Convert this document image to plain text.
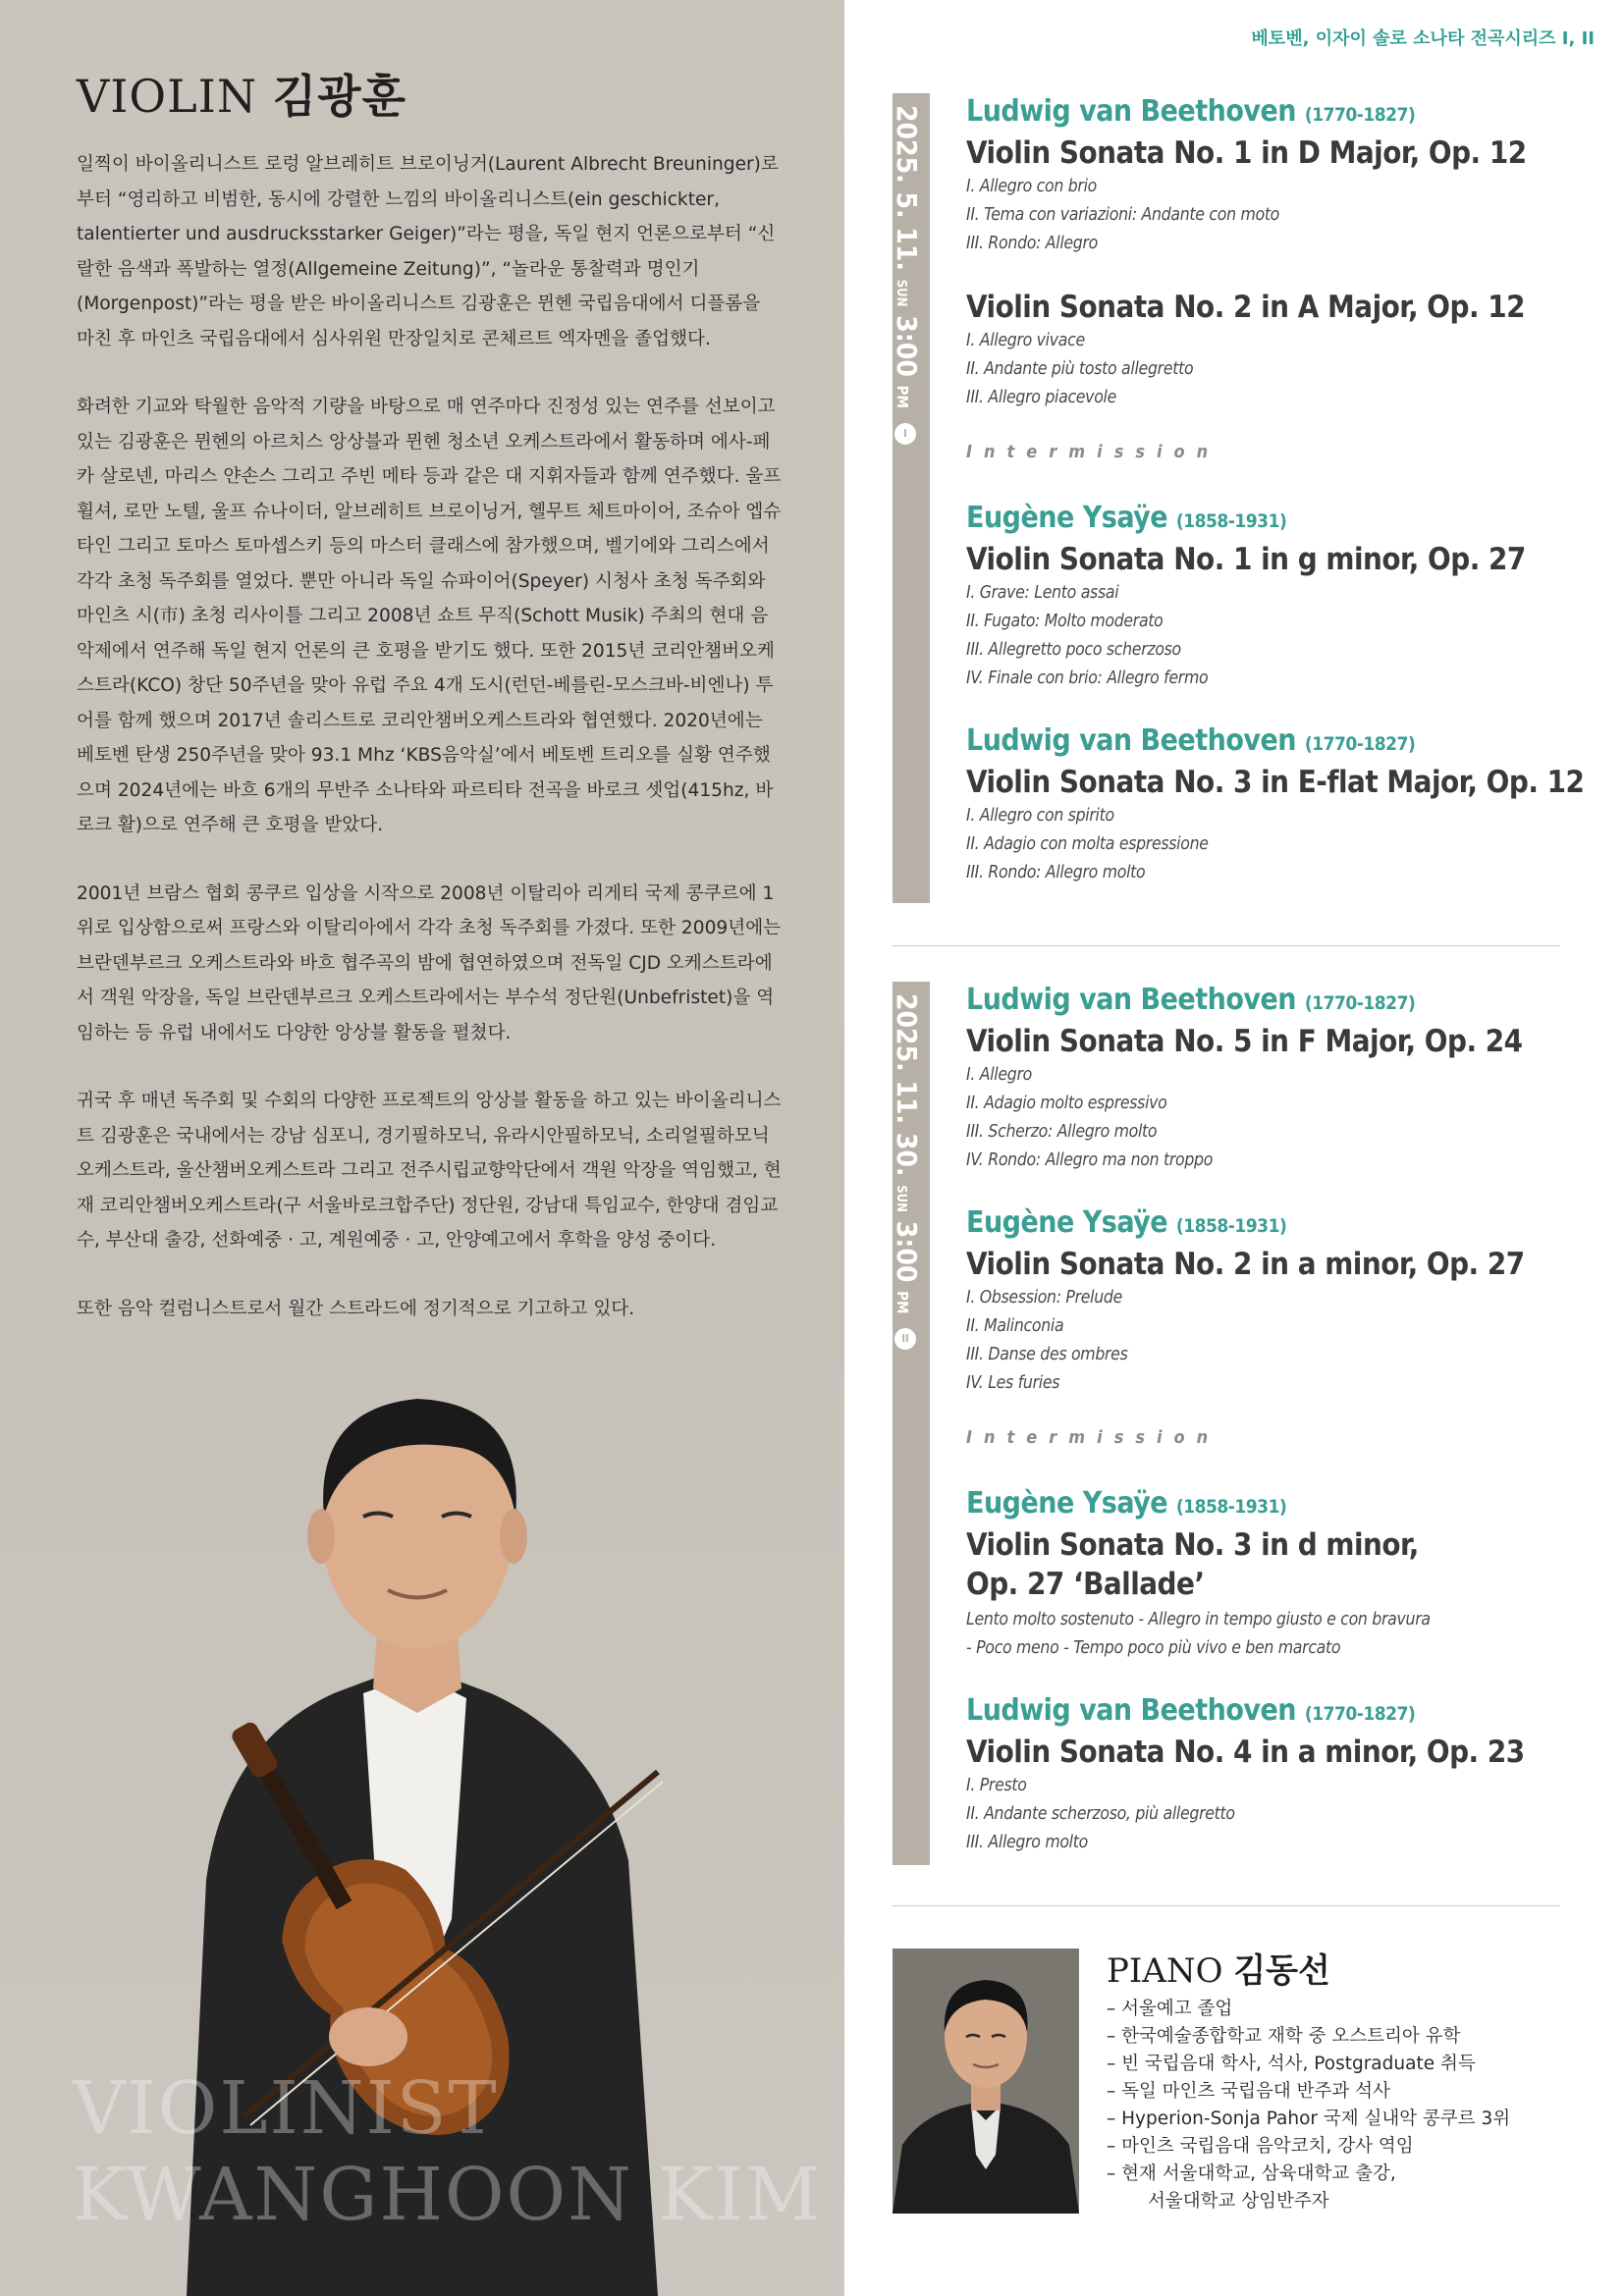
VIOLIN 김광훈

일찍이 바이올리니스트 로렁 알브레히트 브로이닝거(Laurent Albrecht Breuninger)로부터 “영리하고 비범한, 동시에 강렬한 느낌의 바이올리니스트(ein geschickter, talentierter und ausdrucksstarker Geiger)”라는 평을, 독일 현지 언론으로부터 “신랄한 음색과 폭발하는 열정(Allgemeine Zeitung)”, “놀라운 통찰력과 명인기(Morgenpost)”라는 평을 받은 바이올리니스트 김광훈은 뮌헨 국립음대에서 디플롬을 마친 후 마인츠 국립음대에서 심사위원 만장일치로 콘체르트 엑자멘을 졸업했다.

화려한 기교와 탁월한 음악적 기량을 바탕으로 매 연주마다 진정성 있는 연주를 선보이고 있는 김광훈은 뮌헨의 아르치스 앙상블과 뮌헨 청소년 오케스트라에서 활동하며 에사-페카 살로넨, 마리스 얀손스 그리고 주빈 메타 등과 같은 대 지휘자들과 함께 연주했다. 울프 휠셔, 로만 노텔, 울프 슈나이더, 알브레히트 브로이닝거, 헬무트 체트마이어, 조슈아 엡슈타인 그리고 토마스 토마셉스키 등의 마스터 클래스에 참가했으며, 벨기에와 그리스에서 각각 초청 독주회를 열었다. 뿐만 아니라 독일 슈파이어(Speyer) 시청사 초청 독주회와 마인츠 시(市) 초청 리사이틀 그리고 2008년 쇼트 무직(Schott Musik) 주최의 현대 음악제에서 연주해 독일 현지 언론의 큰 호평을 받기도 했다. 또한 2015년 코리안챔버오케스트라(KCO) 창단 50주년을 맞아 유럽 주요 4개 도시(런던-베를린-모스크바-비엔나) 투어를 함께 했으며 2017년 솔리스트로 코리안챔버오케스트라와 협연했다. 2020년에는 베토벤 탄생 250주년을 맞아 93.1 Mhz ‘KBS음악실’에서 베토벤 트리오를 실황 연주했으며 2024년에는 바흐 6개의 무반주 소나타와 파르티타 전곡을 바로크 셋업(415hz, 바로크 활)으로 연주해 큰 호평을 받았다.

2001년 브람스 협회 콩쿠르 입상을 시작으로 2008년 이탈리아 리게티 국제 콩쿠르에 1위로 입상함으로써 프랑스와 이탈리아에서 각각 초청 독주회를 가졌다. 또한 2009년에는 브란덴부르크 오케스트라와 바흐 협주곡의 밤에 협연하였으며 전독일 CJD 오케스트라에서 객원 악장을, 독일 브란덴부르크 오케스트라에서는 부수석 정단원(Unbefristet)을 역임하는 등 유럽 내에서도 다양한 앙상블 활동을 펼쳤다.

귀국 후 매년 독주회 및 수회의 다양한 프로젝트의 앙상블 활동을 하고 있는 바이올리니스트 김광훈은 국내에서는 강남 심포니, 경기필하모닉, 유라시안필하모닉, 소리얼필하모닉오케스트라, 울산챔버오케스트라 그리고 전주시립교향악단에서 객원 악장을 역임했고, 현재 코리안챔버오케스트라(구 서울바로크합주단) 정단원, 강남대 특임교수, 한양대 겸임교수, 부산대 출강, 선화예중 · 고, 계원예중 · 고, 안양예고에서 후학을 양성 중이다.

또한 음악 컬럼니스트로서 월간 스트라드에 정기적으로 기고하고 있다.

VIOLINIST
KWANGHOON KIM
베토벤, 이자이 솔로 소나타 전곡시리즈 I, II
2025. 5. 11. SUN 3:00 PM I
Ludwig van Beethoven (1770-1827)
Violin Sonata No. 1 in D Major, Op. 12
I. Allegro con brio
II. Tema con variazioni: Andante con moto
III. Rondo: Allegro
Violin Sonata No. 2 in A Major, Op. 12
I. Allegro vivace
II. Andante più tosto allegretto
III. Allegro piacevole
Intermission
Eugène Ysaÿe (1858-1931)
Violin Sonata No. 1 in g minor, Op. 27
I. Grave: Lento assai
II. Fugato: Molto moderato
III. Allegretto poco scherzoso
IV. Finale con brio: Allegro fermo
Ludwig van Beethoven (1770-1827)
Violin Sonata No. 3 in E-flat Major, Op. 12
I. Allegro con spirito
II. Adagio con molta espressione
III. Rondo: Allegro molto
2025. 11. 30. SUN 3:00 PM II
Ludwig van Beethoven (1770-1827)
Violin Sonata No. 5 in F Major, Op. 24
I. Allegro
II. Adagio molto espressivo
III. Scherzo: Allegro molto
IV. Rondo: Allegro ma non troppo
Eugène Ysaÿe (1858-1931)
Violin Sonata No. 2 in a minor, Op. 27
I. Obsession: Prelude
II. Malinconia
III. Danse des ombres
IV. Les furies
Intermission
Eugène Ysaÿe (1858-1931)
Violin Sonata No. 3 in d minor,
Op. 27 ‘Ballade’
Lento molto sostenuto - Allegro in tempo giusto e con bravura
- Poco meno - Tempo poco più vivo e ben marcato
Ludwig van Beethoven (1770-1827)
Violin Sonata No. 4 in a minor, Op. 23
I. Presto
II. Andante scherzoso, più allegretto
III. Allegro molto
PIANO 김동선
– 서울예고 졸업
– 한국예술종합학교 재학 중 오스트리아 유학
– 빈 국립음대 학사, 석사, Postgraduate 취득
– 독일 마인츠 국립음대 반주과 석사
– Hyperion-Sonja Pahor 국제 실내악 콩쿠르 3위
– 마인츠 국립음대 음악코치, 강사 역임
– 현재 서울대학교, 삼육대학교 출강,
서울대학교 상임반주자
